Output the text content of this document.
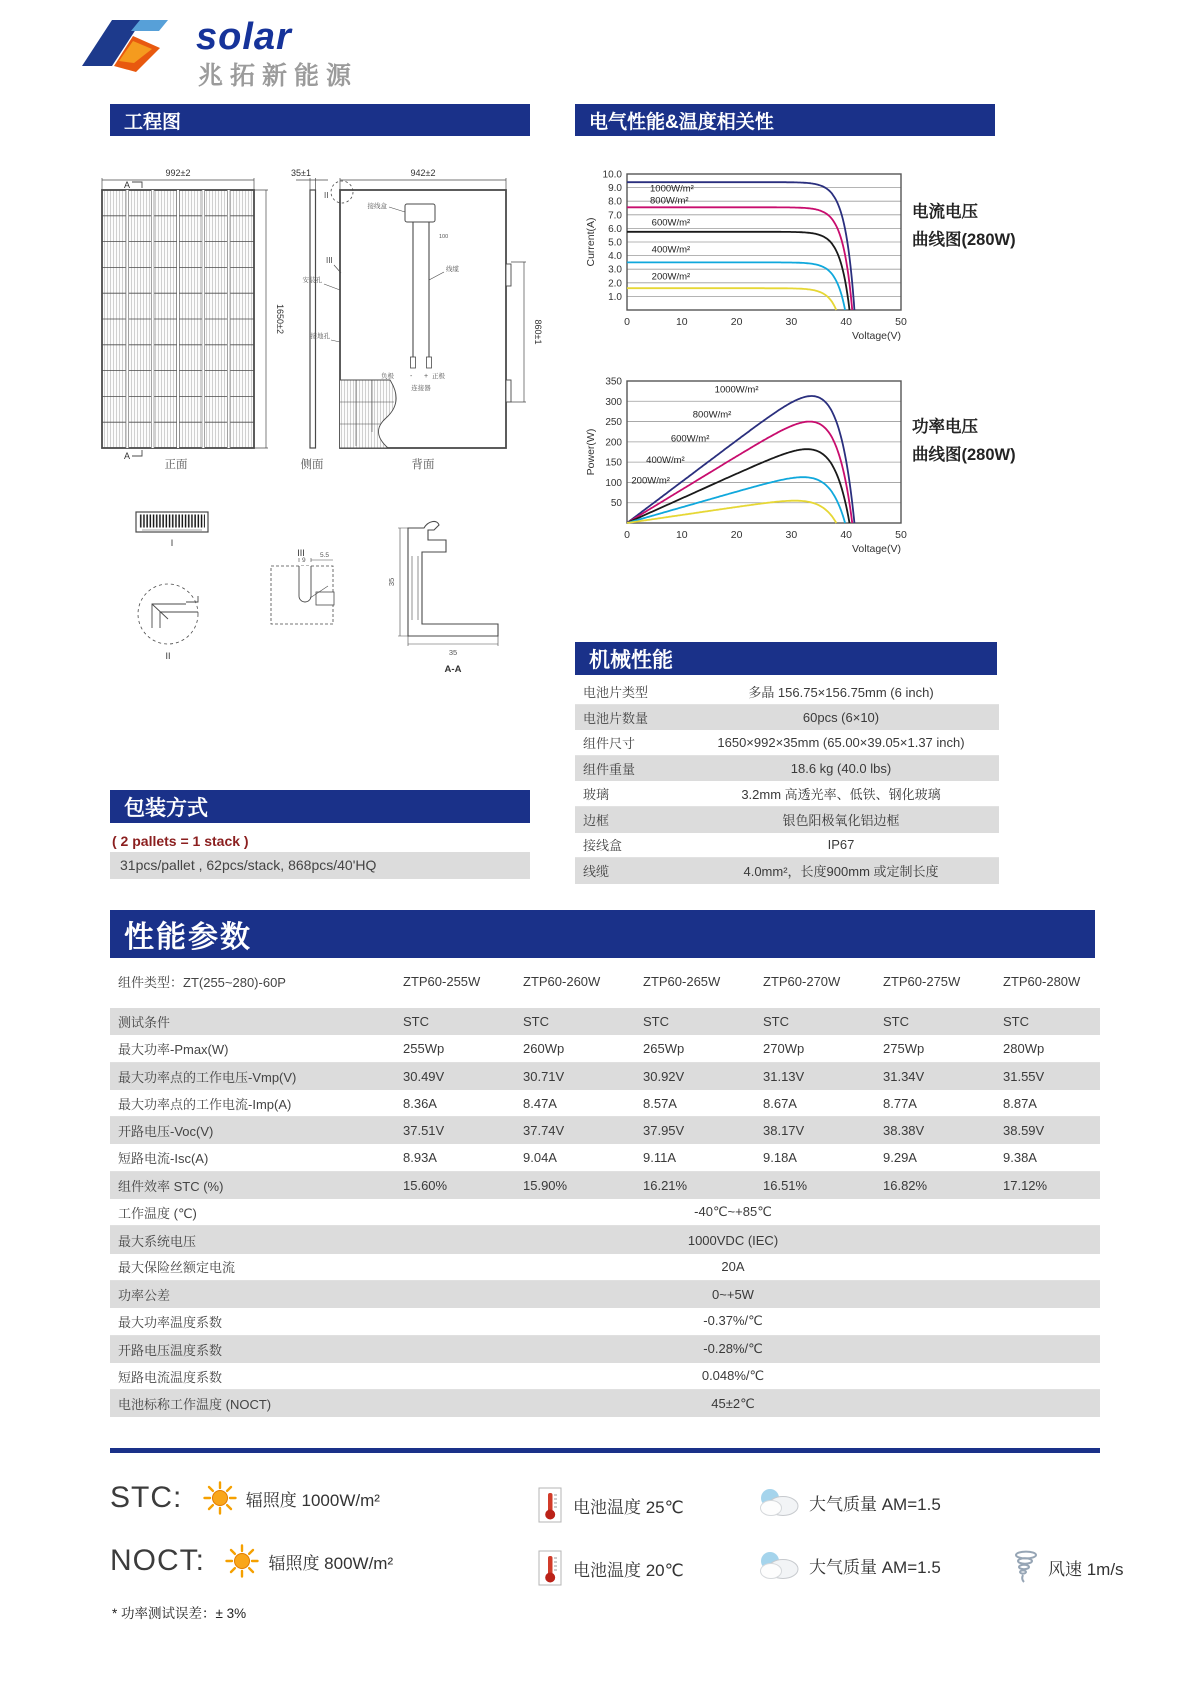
solar
兆拓新能源
工程图	电气性能&温度相关性
992±2
1650±2
A
A
35±1	942±2
860±1
接线盒
线缆
100
安装孔
接地孔
II
III
负极 - + 正极
连接器
正面	侧面	背面
I
II
III
9
5.5
35
35
A-A
1.0
2.0
3.0
4.0
5.0
6.0
7.0
8.0
9.0
10.0
0	10	20	30	40	50
Current(A)
Voltage(V)
1000W/m²
800W/m²
600W/m²
400W/m²
200W/m²
电流电压
曲线图(280W)
50
100
150
200
250
300
350
0	10	20	30	40	50
Power(W)
Voltage(V)
1000W/m²
800W/m²
600W/m²
400W/m²
200W/m²
功率电压
曲线图(280W)
机械性能
电池片类型	多晶 156.75×156.75mm (6 inch)
电池片数量	60pcs (6×10)
组件尺寸	1650×992×35mm (65.00×39.05×1.37 inch)
组件重量	18.6 kg (40.0 lbs)
玻璃	3.2mm 高透光率、低铁、钢化玻璃
边框	银色阳极氧化铝边框
接线盒	IP67
线缆	4.0mm²，长度900mm 或定制长度
包装方式
( 2 pallets = 1 stack )
31pcs/pallet , 62pcs/stack, 868pcs/40'HQ
性能参数
组件类型：ZT(255~280)-60P	ZTP60-255W	ZTP60-260W	ZTP60-265W	ZTP60-270W	ZTP60-275W	ZTP60-280W
测试条件	STC	STC	STC	STC	STC	STC
最大功率-Pmax(W)	255Wp	260Wp	265Wp	270Wp	275Wp	280Wp
最大功率点的工作电压-Vmp(V)	30.49V	30.71V	30.92V	31.13V	31.34V	31.55V
最大功率点的工作电流-Imp(A)	8.36A	8.47A	8.57A	8.67A	8.77A	8.87A
开路电压-Voc(V)	37.51V	37.74V	37.95V	38.17V	38.38V	38.59V
短路电流-Isc(A)	8.93A	9.04A	9.11A	9.18A	9.29A	9.38A
组件效率 STC (%)	15.60%	15.90%	16.21%	16.51%	16.82%	17.12%
工作温度 (℃)	-40℃~+85℃
最大系统电压	1000VDC (IEC)
最大保险丝额定电流	20A
功率公差	0~+5W
最大功率温度系数	-0.37%/℃
开路电压温度系数	-0.28%/℃
短路电流温度系数	0.048%/℃
电池标称工作温度 (NOCT)	45±2℃
STC:	辐照度 1000W/m²	电池温度 25℃	大气质量 AM=1.5
NOCT:	辐照度 800W/m²	电池温度 20℃	大气质量 AM=1.5	风速 1m/s
* 功率测试误差：± 3%
